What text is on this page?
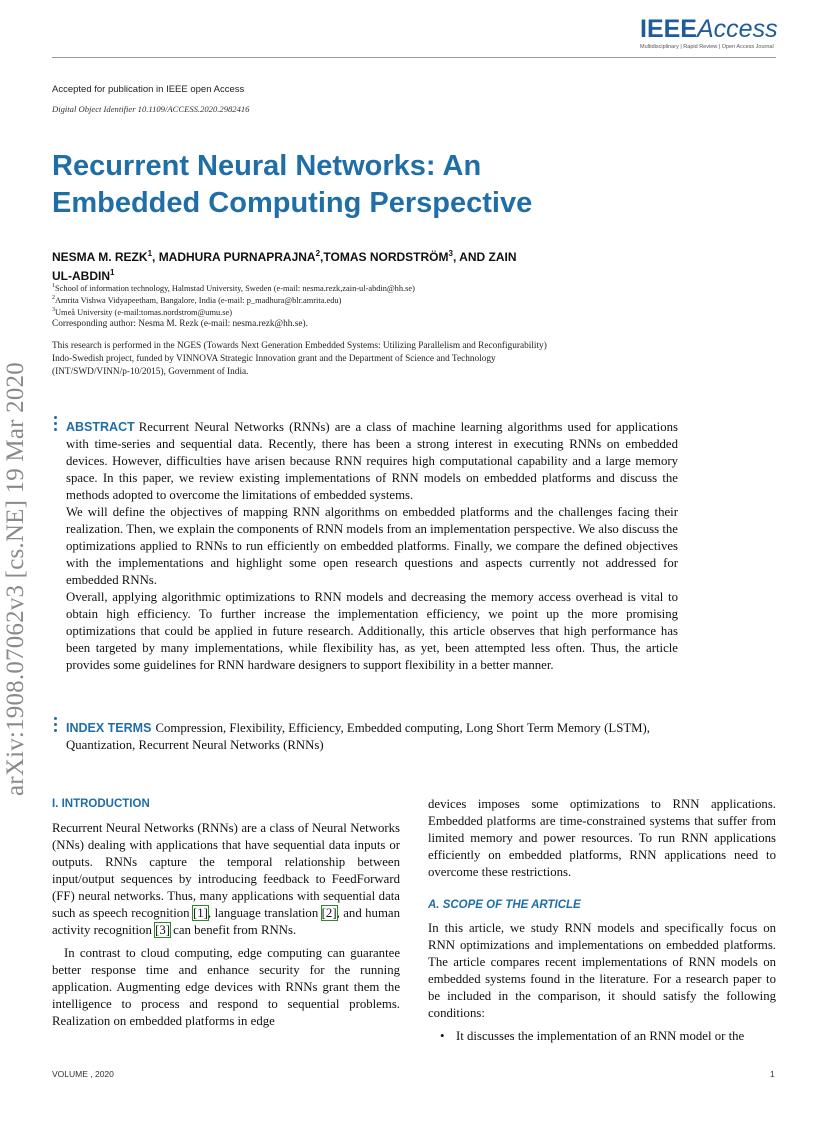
IEEEAccess
Multidisciplinary | Rapid Review | Open Access Journal
Accepted for publication in IEEE open Access
Digital Object Identifier 10.1109/ACCESS.2020.2982416
Recurrent Neural Networks: An
Embedded Computing Perspective
NESMA M. REZK$^1$, MADHURA PURNAPRAJNA$^2$,TOMAS NORDSTRÖM$^3$, AND ZAIN
UL-ABDIN$^1$
$^1$School of information technology, Halmstad University, Sweden (e-mail: nesma.rezk,zain-ul-abdin@hh.se)
$^2$Amrita Vishwa Vidyapeetham, Bangalore, India (e-mail: p_madhura@blr.amrita.edu)
$^3$Umeå University (e-mail:tomas.nordstrom@umu.se)
Corresponding author: Nesma M. Rezk (e-mail: nesma.rezk@hh.se).
This research is performed in the NGES (Towards Next Generation Embedded Systems: Utilizing Parallelism and Reconfigurability)
Indo-Swedish project, funded by VINNOVA Strategic Innovation grant and the Department of Science and Technology
(INT/SWD/VINN/p-10/2015), Government of India.
arXiv:1908.07062v3 [cs.NE] 19 Mar 2020	ABSTRACT Recurrent Neural Networks (RNNs) are a class of machine learning algorithms used for applications with time-series and sequential data. Recently, there has been a strong interest in executing RNNs on embedded devices. However, difficulties have arisen because RNN requires high computational capability and a large memory space. In this paper, we review existing implementations of RNN models on embedded platforms and discuss the methods adopted to overcome the limitations of embedded systems.

We will define the objectives of mapping RNN algorithms on embedded platforms and the challenges facing their realization. Then, we explain the components of RNN models from an implementation perspective. We also discuss the optimizations applied to RNNs to run efficiently on embedded platforms. Finally, we compare the defined objectives with the implementations and highlight some open research questions and aspects currently not addressed for embedded RNNs.

Overall, applying algorithmic optimizations to RNN models and decreasing the memory access overhead is vital to obtain high efficiency. To further increase the implementation efficiency, we point up the more promising optimizations that could be applied in future research. Additionally, this article observes that high performance has been targeted by many implementations, while flexibility has, as yet, been attempted less often. Thus, the article provides some guidelines for RNN hardware designers to support flexibility in a better manner.

INDEX TERMS Compression, Flexibility, Efficiency, Embedded computing, Long Short Term Memory (LSTM), Quantization, Recurrent Neural Networks (RNNs)
I. INTRODUCTION

Recurrent Neural Networks (RNNs) are a class of Neural Networks (NNs) dealing with applications that have sequential data inputs or outputs. RNNs capture the temporal relationship between input/output sequences by introducing feedback to FeedForward (FF) neural networks. Thus, many applications with sequential data such as speech recognition [1], language translation [2], and human activity recognition [3] can benefit from RNNs.

In contrast to cloud computing, edge computing can guarantee better response time and enhance security for the running application. Augmenting edge devices with RNNs grant them the intelligence to process and respond to sequential problems. Realization on embedded platforms in edge

devices imposes some optimizations to RNN applications. Embedded platforms are time-constrained systems that suffer from limited memory and power resources. To run RNN applications efficiently on embedded platforms, RNN applications need to overcome these restrictions.

A. SCOPE OF THE ARTICLE

In this article, we study RNN models and specifically focus on RNN optimizations and implementations on embedded platforms. The article compares recent implementations of RNN models on embedded systems found in the literature. For a research paper to be included in the comparison, it should satisfy the following conditions:

• It discusses the implementation of an RNN model or the
VOLUME , 2020	1
